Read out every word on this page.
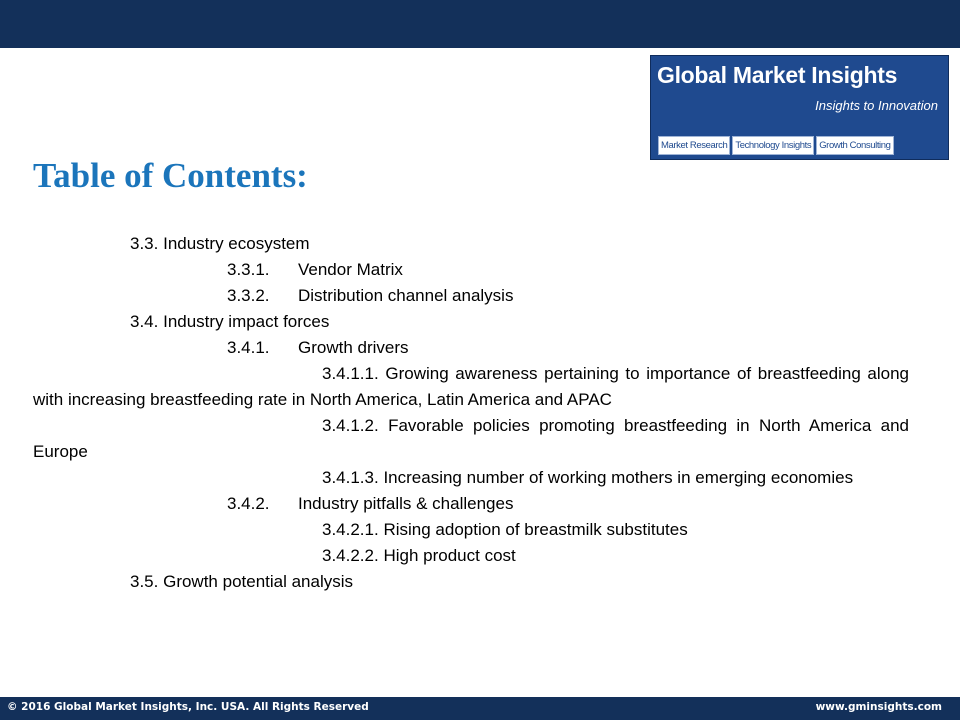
Global Market Insights
Insights to Innovation
Market Research Technology Insights Growth Consulting
Table of Contents:
3.3. Industry ecosystem
3.3.1. Vendor Matrix
3.3.2. Distribution channel analysis
3.4. Industry impact forces
3.4.1. Growth drivers
3.4.1.1. Growing awareness pertaining to importance of breastfeeding along with increasing breastfeeding rate in North America, Latin America and APAC
3.4.1.2. Favorable policies promoting breastfeeding in North America and Europe
3.4.1.3. Increasing number of working mothers in emerging economies
3.4.2. Industry pitfalls & challenges
3.4.2.1. Rising adoption of breastmilk substitutes
3.4.2.2. High product cost
3.5. Growth potential analysis
© 2016 Global Market Insights, Inc. USA. All Rights Reserved	www.gminsights.com
